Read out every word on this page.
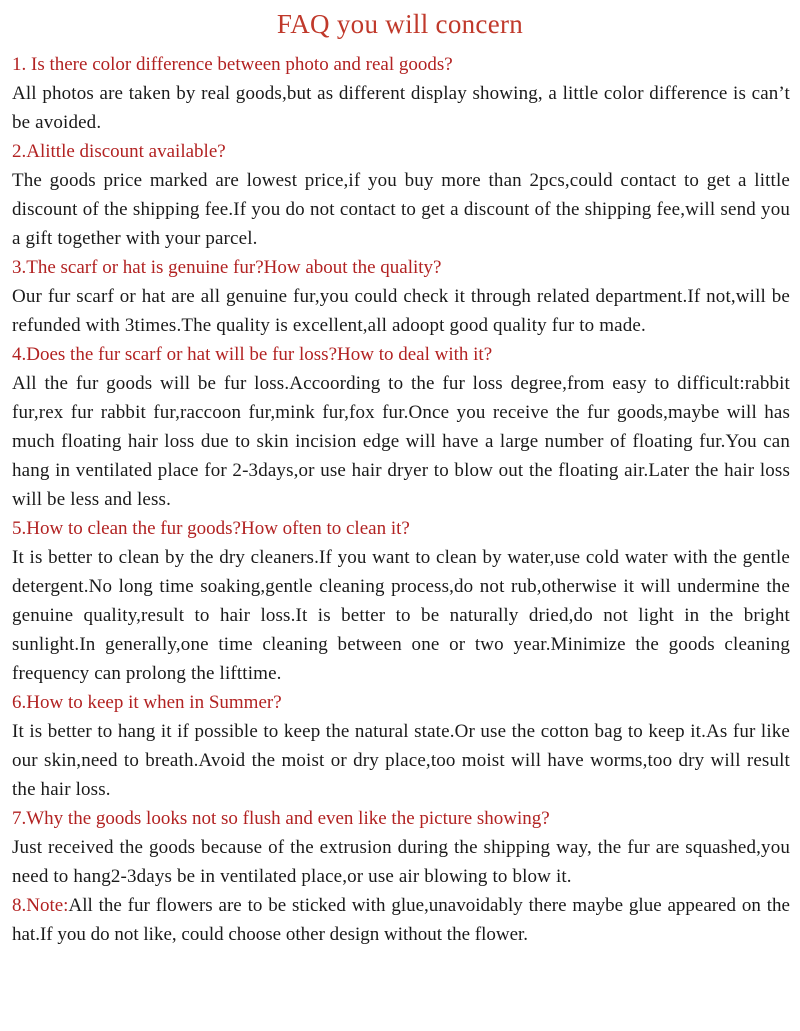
FAQ you will concern

1. Is there color difference between photo and real goods?

All photos are taken by real goods,but as different display showing, a little color difference is can’t be avoided.

2.Alittle discount available?

The goods price marked are lowest price,if you buy more than 2pcs,could contact to get a little discount of the shipping fee.If you do not contact to get a discount of the shipping fee,will send you a gift together with your parcel.

3.The scarf or hat is genuine fur?How about the quality?

Our fur scarf or hat are all genuine fur,you could check it through related department.If not,will be refunded with 3times.The quality is excellent,all adoopt good quality fur to made.

4.Does the fur scarf or hat will be fur loss?How to deal with it?

All the fur goods will be fur loss.Accoording to the fur loss degree,from easy to difficult:rabbit fur,rex fur rabbit fur,raccoon fur,mink fur,fox fur.Once you receive the fur goods,maybe will has much floating hair loss due to skin incision edge will have a large number of floating fur.You can hang in ventilated place for 2-3days,or use hair dryer to blow out the floating air.Later the hair loss will be less and less.

5.How to clean the fur goods?How often to clean it?

It is better to clean by the dry cleaners.If you want to clean by water,use cold water with the gentle detergent.No long time soaking,gentle cleaning process,do not rub,otherwise it will undermine the genuine quality,result to hair loss.It is better to be naturally dried,do not light in the bright sunlight.In generally,one time cleaning between one or two year.Minimize the goods cleaning frequency can prolong the lifttime.

6.How to keep it when in Summer?

It is better to hang it if possible to keep the natural state.Or use the cotton bag to keep it.As fur like our skin,need to breath.Avoid the moist or dry place,too moist will have worms,too dry will result the hair loss.

7.Why the goods looks not so flush and even like the picture showing?

Just received the goods because of the extrusion during the shipping way, the fur are squashed,you need to hang2-3days be in ventilated place,or use air blowing to blow it.

8.Note:All the fur flowers are to be sticked with glue,unavoidably there maybe glue appeared on the hat.If you do not like, could choose other design without the flower.
